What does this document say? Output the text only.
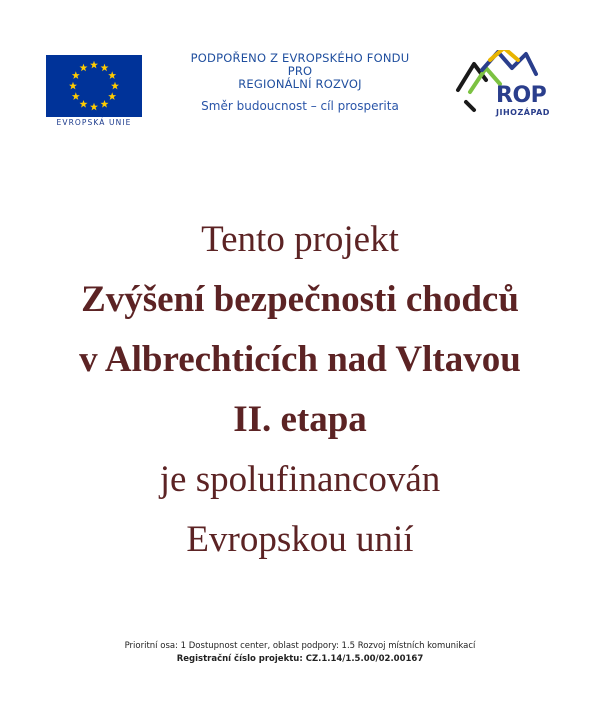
EVROPSKÁ UNIE
PODPOŘENO Z EVROPSKÉHO FONDU
PRO
REGIONÁLNÍ ROZVOJ
Směr budoucnost – cíl prosperita	ROP
JIHOZÁPAD
Tento projekt
Zvýšení bezpečnosti chodců
v Albrechticích nad Vltavou
II. etapa
je spolufinancován
Evropskou unií
Prioritní osa: 1 Dostupnost center, oblast podpory: 1.5 Rozvoj místních komunikací
Registrační číslo projektu: CZ.1.14/1.5.00/02.00167
